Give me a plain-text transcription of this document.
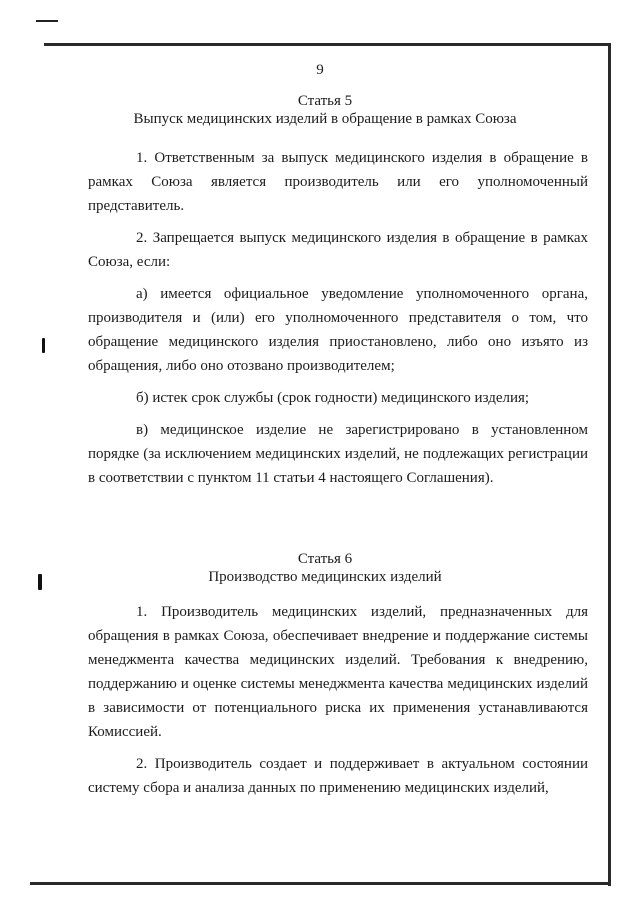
9
Статья 5
Выпуск медицинских изделий в обращение в рамках Союза

1. Ответственным за выпуск медицинского изделия в обращение в рамках Союза является производитель или его уполномоченный представитель.

2. Запрещается выпуск медицинского изделия в обращение в рамках Союза, если:

а) имеется официальное уведомление уполномоченного органа, производителя и (или) его уполномоченного представителя о том, что обращение медицинского изделия приостановлено, либо оно изъято из обращения, либо оно отозвано производителем;

б) истек срок службы (срок годности) медицинского изделия;

в) медицинское изделие не зарегистрировано в установленном порядке (за исключением медицинских изделий, не подлежащих регистрации в соответствии с пунктом 11 статьи 4 настоящего Соглашения).

Статья 6
Производство медицинских изделий

1. Производитель медицинских изделий, предназначенных для обращения в рамках Союза, обеспечивает внедрение и поддержание системы менеджмента качества медицинских изделий. Требования к внедрению, поддержанию и оценке системы менеджмента качества медицинских изделий в зависимости от потенциального риска их применения устанавливаются Комиссией.

2. Производитель создает и поддерживает в актуальном состоянии систему сбора и анализа данных по применению медицинских изделий,
